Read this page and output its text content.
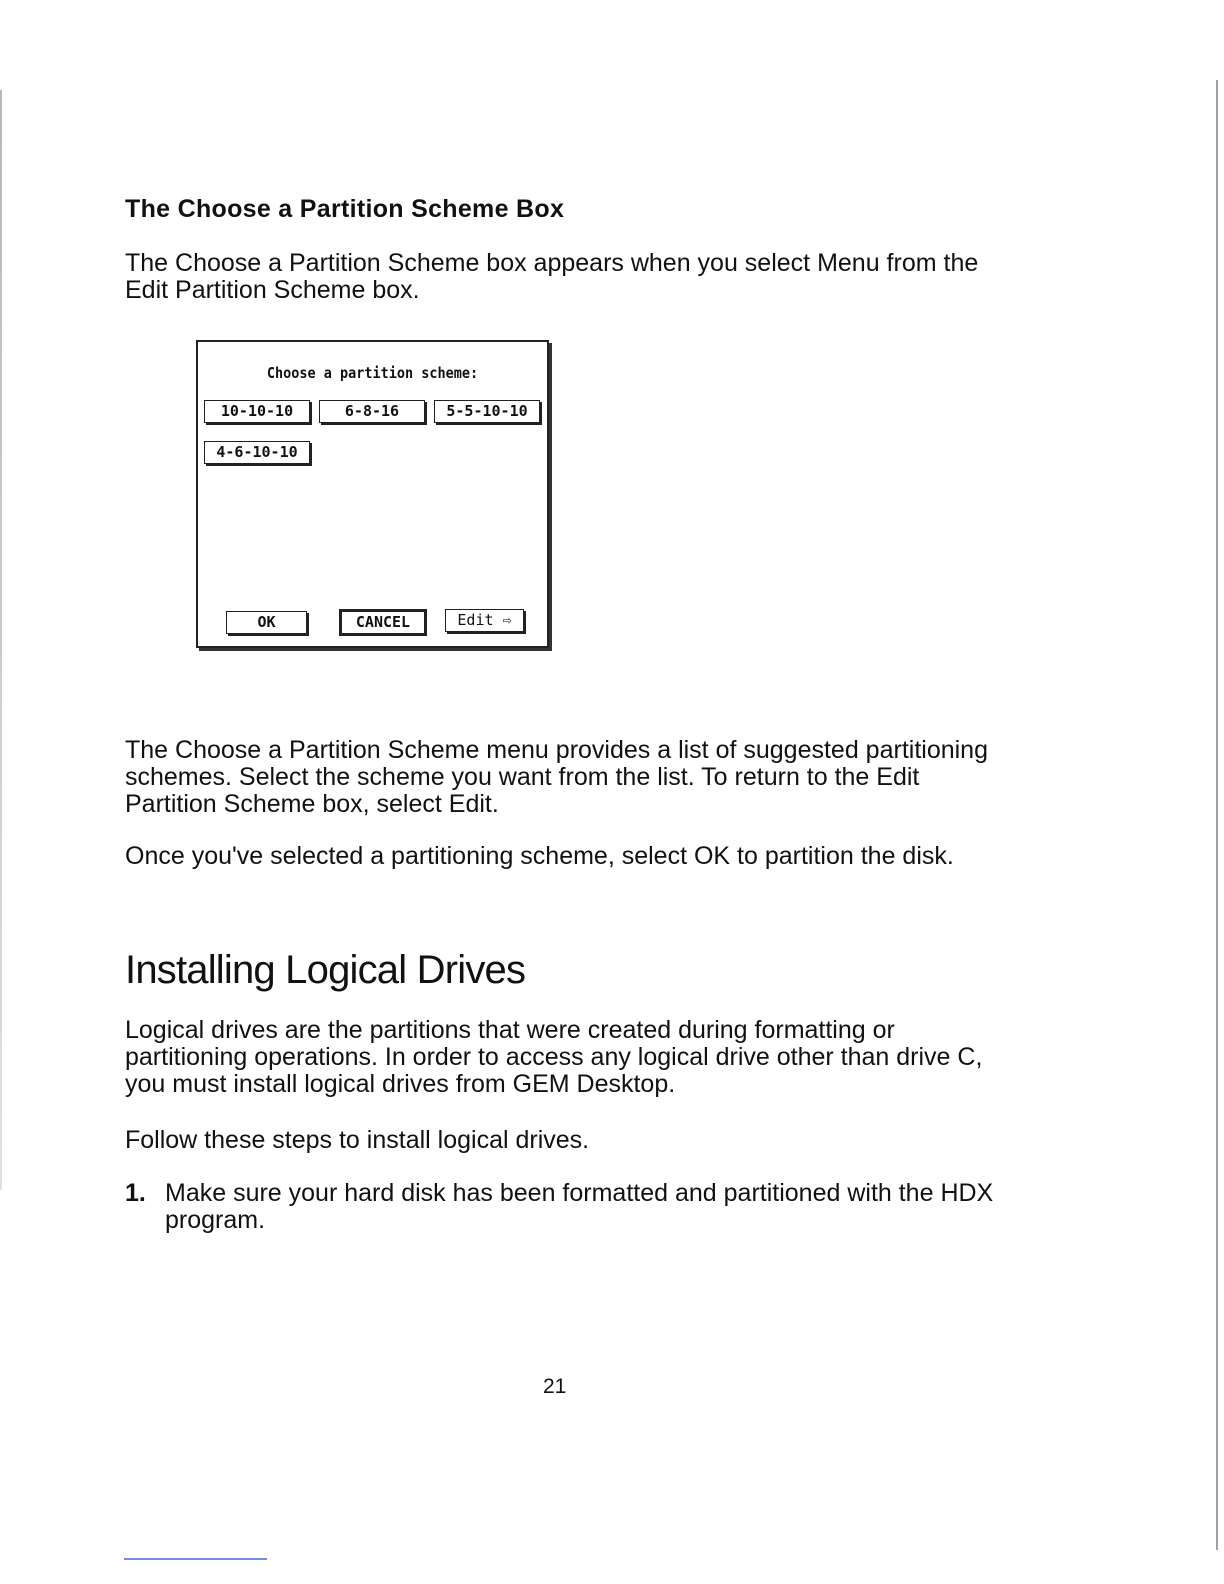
The Choose a Partition Scheme Box

The Choose a Partition Scheme box appears when you select Menu from the Edit Partition Scheme box.

Choose a partition scheme:
10-10-10	6-8-16	5-5-10-10
4-6-10-10
OK	CANCEL	Edit ⇨

The Choose a Partition Scheme menu provides a list of suggested partitioning schemes. Select the scheme you want from the list. To return to the Edit Partition Scheme box, select Edit.

Once you've selected a partitioning scheme, select OK to partition the disk.

Installing Logical Drives

Logical drives are the partitions that were created during formatting or partitioning operations. In order to access any logical drive other than drive C, you must install logical drives from GEM Desktop.

Follow these steps to install logical drives.

1. Make sure your hard disk has been formatted and partitioned with the HDX program.
21
